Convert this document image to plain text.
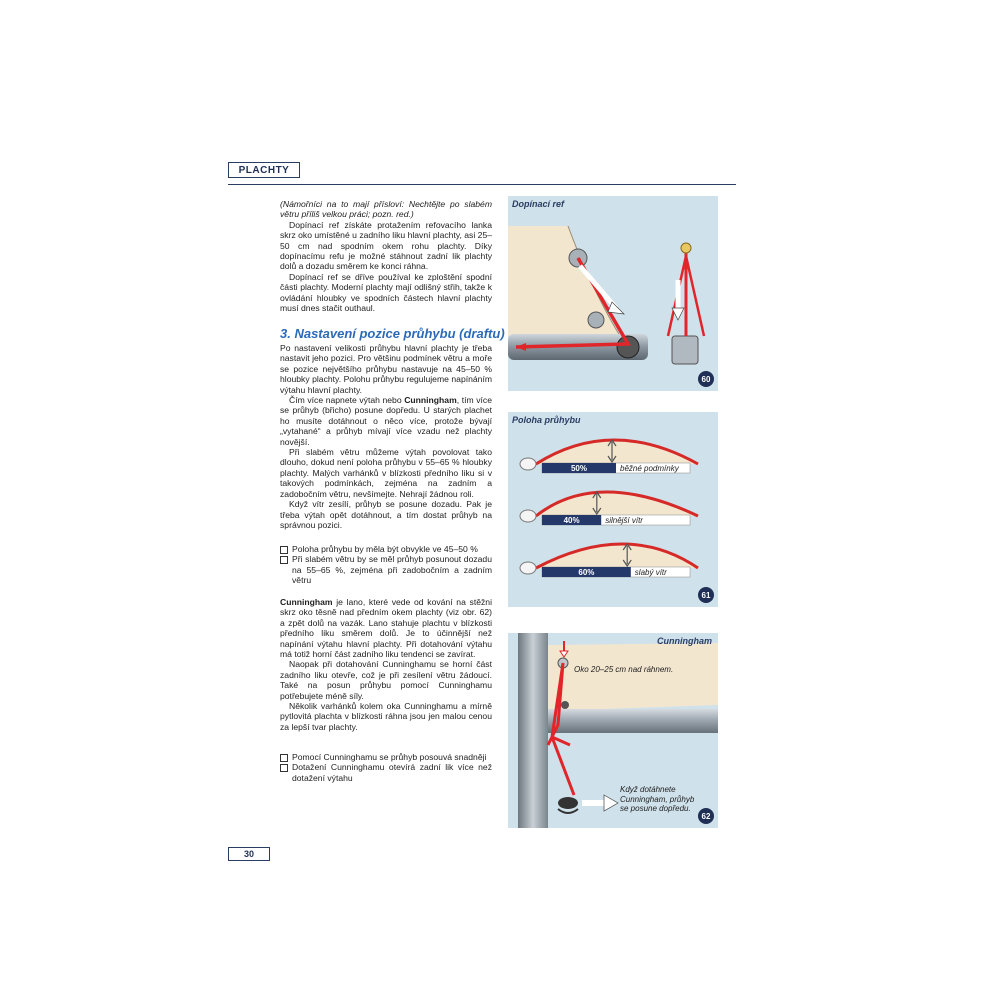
PLACHTY

(Námořníci na to mají přísloví: Nechtějte po slabém větru příliš velkou práci; pozn. red.)

Dopínací ref získáte protažením refovacího lanka skrz oko umístěné u zadního liku hlavní plachty, asi 25–50 cm nad spodním okem rohu plachty. Díky dopínacímu refu je možné stáhnout zadní lik plachty dolů a dozadu směrem ke konci ráhna.

Dopínací ref se dříve používal ke zploštění spodní části plachty. Moderní plachty mají odlišný střih, takže k ovládání hloubky ve spodních částech hlavní plachty musí dnes stačit outhaul.

3. Nastavení pozice průhybu (draftu)

Po nastavení velikosti průhybu hlavní plachty je třeba nastavit jeho pozici. Pro většinu podmínek větru a moře se pozice největšího průhybu nastavuje na 45–50 % hloubky plachty. Polohu průhybu regulujeme napínáním výtahu hlavní plachty.

Čím více napnete výtah nebo Cunningham, tím více se průhyb (břicho) posune dopředu. U starých plachet ho musíte dotáhnout o něco více, protože bývají „vytahané“ a průhyb mívají více vzadu než plachty novější.

Při slabém větru můžeme výtah povolovat tako dlouho, dokud není poloha průhybu v 55–65 % hloubky plachty. Malých varhánků v blízkosti předního liku si v takových podmínkách, zejména na zadním a zadobočním větru, nevšímejte. Nehrají žádnou roli.

Když vítr zesílí, průhyb se posune dozadu. Pak je třeba výtah opět dotáhnout, a tím dostat průhyb na správnou pozici.

Poloha průhybu by měla být obvykle ve 45–50 %
Při slabém větru by se měl průhyb posunout dozadu na 55–65 %, zejména při zadobočním a zadním větru

Cunningham je lano, které vede od kování na stěžni skrz oko těsně nad předním okem plachty (viz obr. 62) a zpět dolů na vazák. Lano stahuje plachtu v blízkosti předního liku směrem dolů. Je to účinnější než napínání výtahu hlavní plachty. Při dotahování výtahu má totiž horní část zadního liku tendenci se zavírat.

Naopak při dotahování Cunninghamu se horní část zadního liku otevře, což je při zesílení větru žádoucí. Také na posun průhybu pomocí Cunninghamu potřebujete méně síly.

Několik varhánků kolem oka Cunninghamu a mírně pytlovitá plachta v blízkosti ráhna jsou jen malou cenou za lepší tvar plachty.

Pomocí Cunninghamu se průhyb posouvá snadněji
Dotažení Cunninghamu otevírá zadní lik více než dotažení výtahu
Dopínací ref
60
50%	běžné podmínky
40%	silnější vítr
60%	slabý vítr
Poloha průhybu
61
Cunningham
Oko 20–25 cm nad ráhnem.
Když dotáhnete Cunningham, průhyb se posune dopředu.
62
30
